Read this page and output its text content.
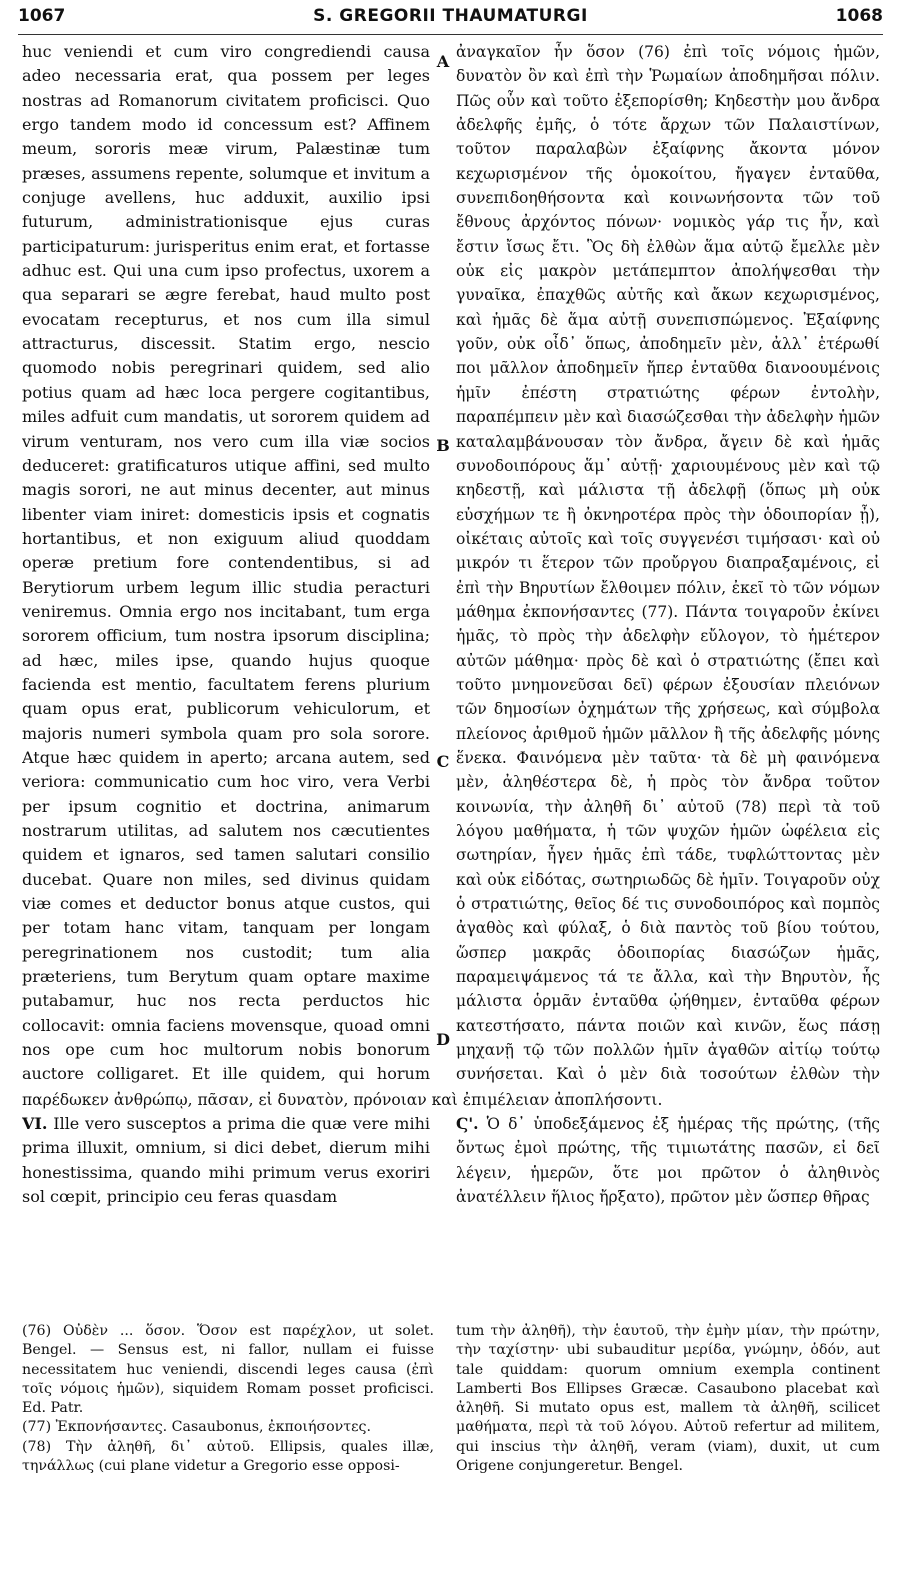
1067	S. GREGORII THAUMATURGI	1068

huc veniendi et cum viro congrediendi causa adeo necessaria erat, qua possem per leges nostras ad Romanorum civitatem proficisci. Quo ergo tandem modo id concessum est? Affinem meum, sororis meæ virum, Palæstinæ tum præses, assumens repente, solumque et invitum a conjuge avellens, huc adduxit, auxilio ipsi futurum, administrationisque ejus curas participaturum: jurisperitus enim erat, et fortasse adhuc est. Qui una cum ipso profectus, uxorem a qua separari se ægre ferebat, haud multo post evocatam recepturus, et nos cum illa simul attracturus, discessit. Statim ergo, nescio quomodo nobis peregrinari quidem, sed alio potius quam ad hæc loca pergere cogitantibus, miles adfuit cum mandatis, ut sororem quidem ad virum venturam, nos vero cum illa viæ socios deduceret: gratificaturos utique affini, sed multo magis sorori, ne aut minus decenter, aut minus libenter viam iniret: domesticis ipsis et cognatis hortantibus, et non exiguum aliud quoddam operæ pretium fore contendentibus, si ad Berytiorum urbem legum illic studia peracturi veniremus. Omnia ergo nos incitabant, tum erga sororem officium, tum nostra ipsorum disciplina; ad hæc, miles ipse, quando hujus quoque facienda est mentio, facultatem ferens plurium quam opus erat, publicorum vehiculorum, et majoris numeri symbola quam pro sola sorore. Atque hæc quidem in aperto; arcana autem, sed veriora: communicatio cum hoc viro, vera Verbi per ipsum cognitio et doctrina, animarum nostrarum utilitas, ad salutem nos cæcutientes quidem et ignaros, sed tamen salutari consilio ducebat. Quare non miles, sed divinus quidam viæ comes et deductor bonus atque custos, qui per totam hanc vitam, tanquam per longam peregrinationem nos custodit; tum alia præteriens, tum Berytum quam optare maxime putabamur, huc nos recta perductos hic collocavit: omnia faciens movensque, quoad omni nos ope cum hoc multorum nobis bonorum auctore colligaret. Et ille quidem, qui horum

A
B
C
D

ἀναγκαῖον ἦν ὅσον (76) ἐπὶ τοῖς νόμοις ἡμῶν, δυνατὸν ὂν καὶ ἐπὶ τὴν Ῥωμαίων ἀποδημῆσαι πόλιν. Πῶς οὖν καὶ τοῦτο ἐξεπορίσθη; Κηδεστὴν μου ἄνδρα ἀδελφῆς ἐμῆς, ὁ τότε ἄρχων τῶν Παλαιστίνων, τοῦτον παραλαβὼν ἐξαίφνης ἄκοντα μόνον κεχωρισμένον τῆς ὁμοκοίτου, ἤγαγεν ἐνταῦθα, συνεπιδοηθήσοντα καὶ κοινωνήσοντα τῶν τοῦ ἔθνους ἀρχόντος πόνων· νομικὸς γάρ τις ἦν, καὶ ἔστιν ἴσως ἔτι. Ὃς δὴ ἐλθὼν ἅμα αὐτῷ ἔμελλε μὲν οὐκ εἰς μακρὸν μετάπεμπτον ἀπολήψεσθαι τὴν γυναῖκα, ἐπαχθῶς αὐτῆς καὶ ἄκων κεχωρισμένος, καὶ ἡμᾶς δὲ ἅμα αὐτῇ συνεπισπώμενος. Ἐξαίφνης γοῦν, οὐκ οἶδ᾽ ὅπως, ἀποδημεῖν μὲν, ἀλλ᾽ ἑτέρωθί ποι μᾶλλον ἀποδημεῖν ἤπερ ἐνταῦθα διανοουμένοις ἡμῖν ἐπέστη στρατιώτης φέρων ἐντολὴν, παραπέμπειν μὲν καὶ διασώζεσθαι τὴν ἀδελφὴν ἡμῶν καταλαμβάνουσαν τὸν ἄνδρα, ἄγειν δὲ καὶ ἡμᾶς συνοδοιπόρους ἅμ᾽ αὐτῇ· χαριουμένους μὲν καὶ τῷ κηδεστῇ, καὶ μάλιστα τῇ ἀδελφῇ (ὅπως μὴ οὐκ εὐσχήμων τε ἢ ὀκνηροτέρα πρὸς τὴν ὁδοιπορίαν ᾖ), οἰκέταις αὐτοῖς καὶ τοῖς συγγενέσι τιμήσασι· καὶ οὐ μικρόν τι ἕτερον τῶν προὔργου διαπραξαμένοις, εἰ ἐπὶ τὴν Βηρυτίων ἔλθοιμεν πόλιν, ἐκεῖ τὸ τῶν νόμων μάθημα ἐκπονήσαντες (77). Πάντα τοιγαροῦν ἐκίνει ἡμᾶς, τὸ πρὸς τὴν ἀδελφὴν εὔλογον, τὸ ἡμέτερον αὐτῶν μάθημα· πρὸς δὲ καὶ ὁ στρατιώτης (ἔπει καὶ τοῦτο μνημονεῦσαι δεῖ) φέρων ἐξουσίαν πλειόνων τῶν δημοσίων ὀχημάτων τῆς χρήσεως, καὶ σύμβολα πλείονος ἀριθμοῦ ἡμῶν μᾶλλον ἢ τῆς ἀδελφῆς μόνης ἕνεκα. Φαινόμενα μὲν ταῦτα· τὰ δὲ μὴ φαινόμενα μὲν, ἀληθέστερα δὲ, ἡ πρὸς τὸν ἄνδρα τοῦτον κοινωνία, τὴν ἀληθῆ δι᾽ αὐτοῦ (78) περὶ τὰ τοῦ λόγου μαθήματα, ἡ τῶν ψυχῶν ἡμῶν ὠφέλεια εἰς σωτηρίαν, ἦγεν ἡμᾶς ἐπὶ τάδε, τυφλώττοντας μὲν καὶ οὐκ εἰδότας, σωτηριωδῶς δὲ ἡμῖν. Τοιγαροῦν οὐχ ὁ στρατιώτης, θεῖος δέ τις συνοδοιπόρος καὶ πομπὸς ἀγαθὸς καὶ φύλαξ, ὁ διὰ παντὸς τοῦ βίου τούτου, ὥσπερ μακρᾶς ὁδοιπορίας διασώζων ἡμᾶς, παραμειψάμενος τά τε ἄλλα, καὶ τὴν Βηρυτὸν, ἧς μάλιστα ὁρμᾶν ἐνταῦθα ᾠήθημεν, ἐνταῦθα φέρων κατεστήσατο, πάντα ποιῶν καὶ κινῶν, ἕως πάσῃ μηχανῇ τῷ τῶν πολλῶν ἡμῖν ἀγαθῶν αἰτίῳ τούτῳ συνήσεται. Καὶ ὁ μὲν διὰ τοσούτων ἐλθὼν τὴν

παρέδωκεν ἀνθρώπῳ, πᾶσαν, εἰ δυνατὸν, πρόνοιαν καὶ ἐπιμέλειαν ἀποπλήσοντι.

VI. Ille vero susceptos a prima die quæ vere mihi prima illuxit, omnium, si dici debet, dierum mihi honestissima, quando mihi primum verus exoriri sol cœpit, principio ceu feras quasdam

Ϛ'. Ὁ δ᾽ ὑποδεξάμενος ἐξ ἡμέρας τῆς πρώτης, (τῆς ὄντως ἐμοὶ πρώτης, τῆς τιμιωτάτης πασῶν, εἰ δεῖ λέγειν, ἡμερῶν, ὅτε μοι πρῶτον ὁ ἀληθινὸς ἀνατέλλειν ἥλιος ἤρξατο), πρῶτον μὲν ὥσπερ θῆρας

(76) Οὐδὲν ... ὅσον. Ὅσον est παρέχλον, ut solet. Bengel. — Sensus est, ni fallor, nullam ei fuisse necessitatem huc veniendi, discendi leges causa (ἐπὶ τοῖς νόμοις ἡμῶν), siquidem Romam posset proficisci. Ed. Patr.

(77) Ἐκπονήσαντες. Casaubonus, ἐκποιήσοντες.

(78) Τὴν ἀληθῆ, δι᾽ αὐτοῦ. Ellipsis, quales illæ, τηνάλλως (cui plane videtur a Gregorio esse opposi-

tum τὴν ἀληθῆ), τὴν ἑαυτοῦ, τὴν ἐμὴν μίαν, τὴν πρώτην, τὴν ταχίστην· ubi subauditur μερίδα, γνώμην, ὁδόν, aut tale quiddam: quorum omnium exempla continent Lamberti Bos Ellipses Græcæ. Casaubono placebat καὶ ἀληθῆ. Si mutato opus est, mallem τὰ ἀληθῆ, scilicet μαθήματα, περὶ τὰ τοῦ λόγου. Αὐτοῦ refertur ad militem, qui inscius τὴν ἀληθῆ, veram (viam), duxit, ut cum Origene conjungeretur. Bengel.
